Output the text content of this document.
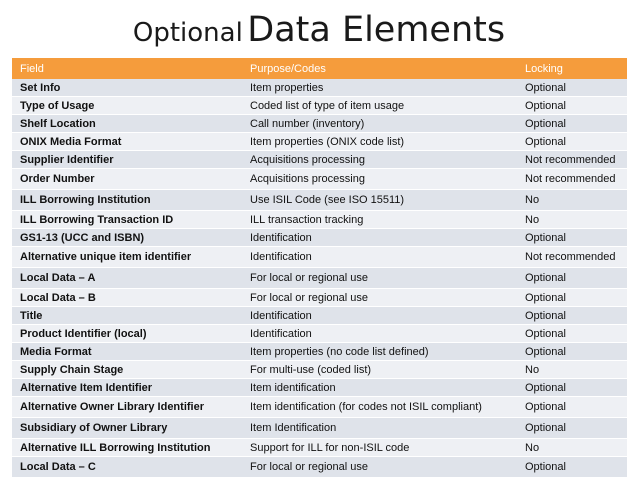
Optional Data Elements
Field	Purpose/Codes	Locking
Set Info	Item properties	Optional
Type of Usage	Coded list of type of item usage	Optional
Shelf Location	Call number (inventory)	Optional
ONIX Media Format	Item properties (ONIX code list)	Optional
Supplier Identifier	Acquisitions processing	Not recommended
Order Number	Acquisitions processing	Not recommended
ILL Borrowing Institution	Use ISIL Code (see ISO 15511)	No
ILL Borrowing Transaction ID	ILL transaction tracking	No
GS1-13 (UCC and ISBN)	Identification	Optional
Alternative unique item identifier	Identification	Not recommended
Local Data – A	For local or regional use	Optional
Local Data – B	For local or regional use	Optional
Title	Identification	Optional
Product Identifier (local)	Identification	Optional
Media Format	Item properties (no code list defined)	Optional
Supply Chain Stage	For multi-use (coded list)	No
Alternative Item Identifier	Item identification	Optional
Alternative Owner Library Identifier	Item identification (for codes not ISIL compliant)	Optional
Subsidiary of Owner Library	Item Identification	Optional
Alternative ILL Borrowing Institution	Support for ILL for non-ISIL code	No
Local Data – C	For local or regional use	Optional
